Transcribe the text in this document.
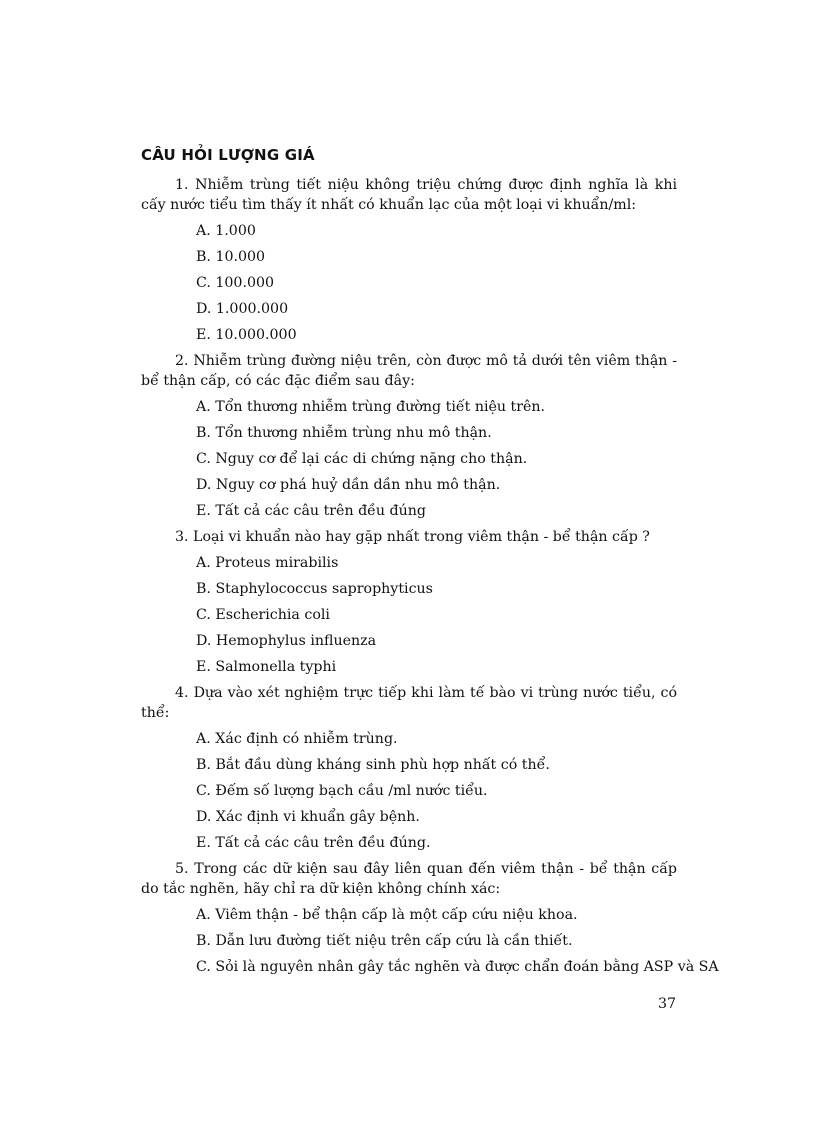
CÂU HỎI LƯỢNG GIÁ

1. Nhiễm trùng tiết niệu không triệu chứng được định nghĩa là khi cấy nước tiểu tìm thấy ít nhất có khuẩn lạc của một loại vi khuẩn/ml:

A. 1.000
B. 10.000
C. 100.000
D. 1.000.000
E. 10.000.000

2. Nhiễm trùng đường niệu trên, còn được mô tả dưới tên viêm thận - bể thận cấp, có các đặc điểm sau đây:

A. Tổn thương nhiễm trùng đường tiết niệu trên.
B. Tổn thương nhiễm trùng nhu mô thận.
C. Nguy cơ để lại các di chứng nặng cho thận.
D. Nguy cơ phá huỷ dần dần nhu mô thận.
E. Tất cả các câu trên đều đúng

3. Loại vi khuẩn nào hay gặp nhất trong viêm thận - bể thận cấp ?

A. Proteus mirabilis
B. Staphylococcus saprophyticus
C. Escherichia coli
D. Hemophylus influenza
E. Salmonella typhi

4. Dựa vào xét nghiệm trực tiếp khi làm tế bào vi trùng nước tiểu, có thể:

A. Xác định có nhiễm trùng.
B. Bắt đầu dùng kháng sinh phù hợp nhất có thể.
C. Đếm số lượng bạch cầu /ml nước tiểu.
D. Xác định vi khuẩn gây bệnh.
E. Tất cả các câu trên đều đúng.

5. Trong các dữ kiện sau đây liên quan đến viêm thận - bể thận cấp do tắc nghẽn, hãy chỉ ra dữ kiện không chính xác:

A. Viêm thận - bể thận cấp là một cấp cứu niệu khoa.
B. Dẫn lưu đường tiết niệu trên cấp cứu là cần thiết.
C. Sỏi là nguyên nhân gây tắc nghẽn và được chẩn đoán bằng ASP và SA
37
